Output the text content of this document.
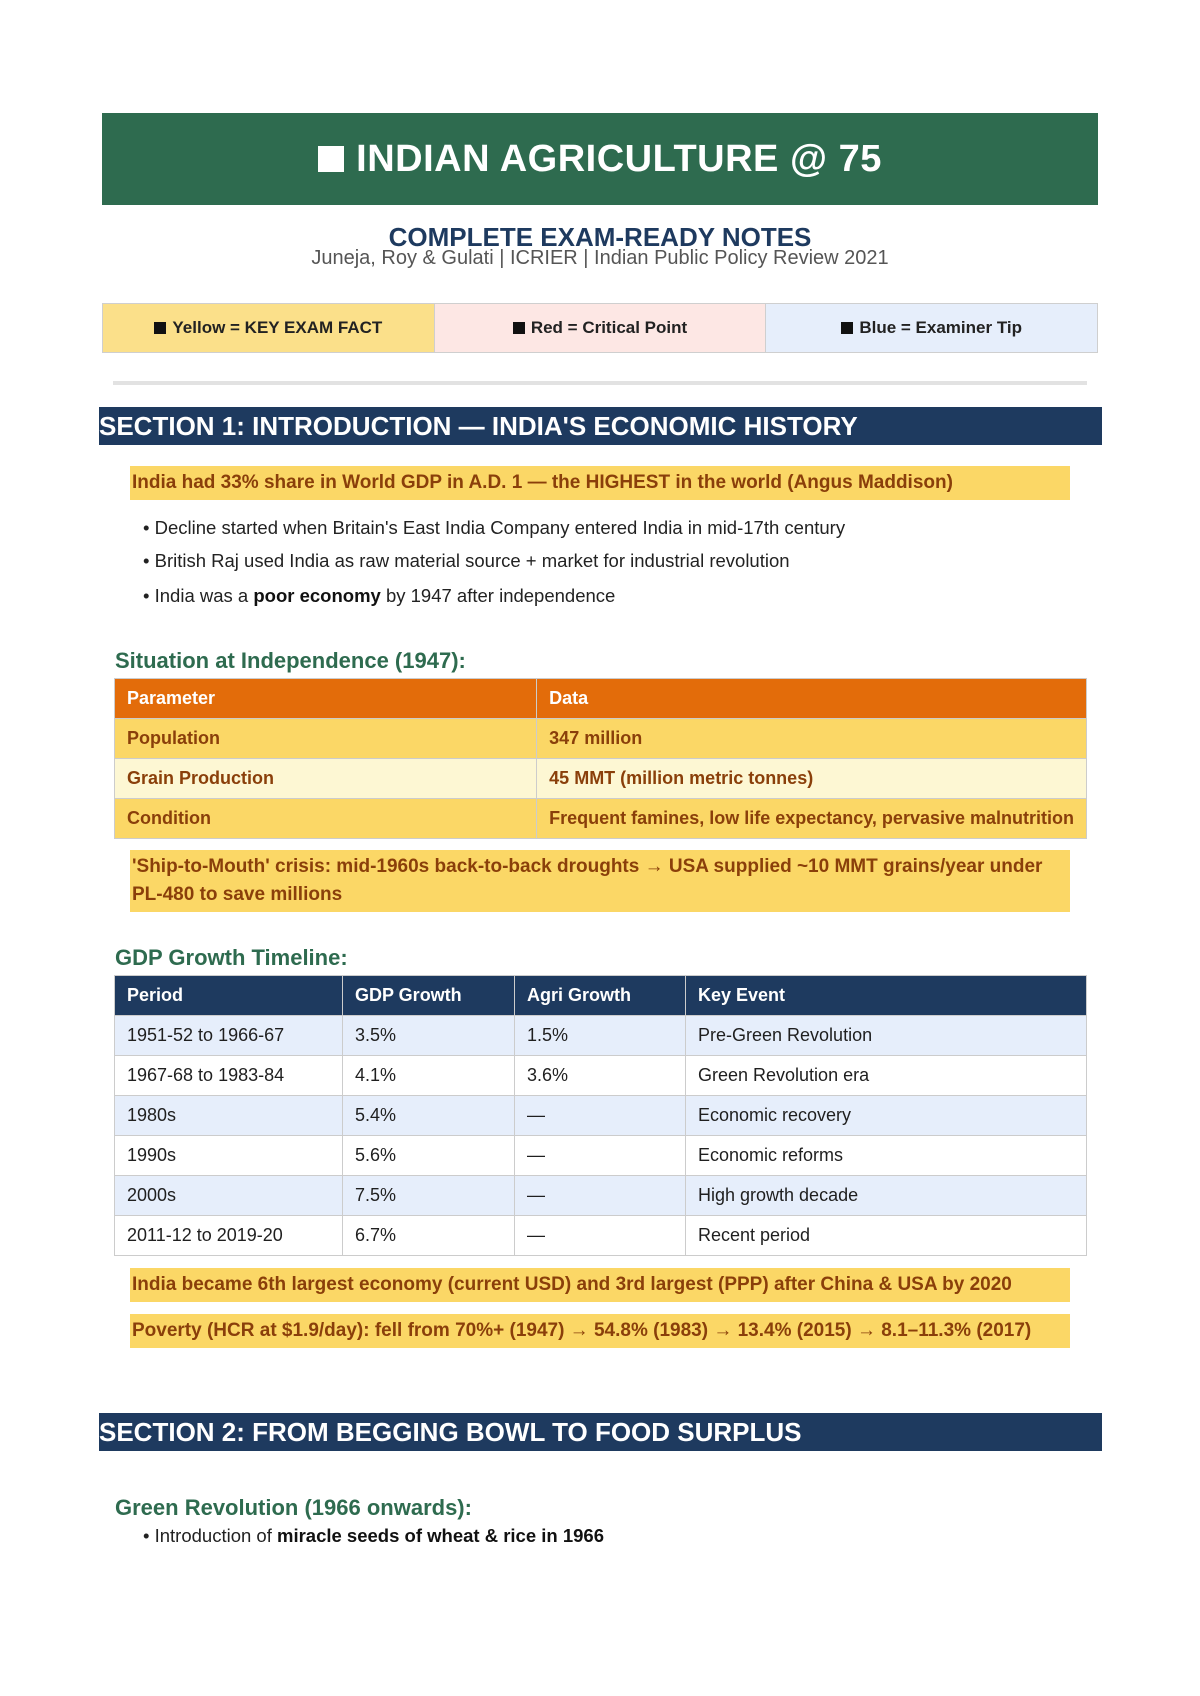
INDIAN AGRICULTURE @ 75
COMPLETE EXAM-READY NOTES
Juneja, Roy & Gulati | ICRIER | Indian Public Policy Review 2021
Yellow = KEY EXAM FACT	Red = Critical Point	Blue = Examiner Tip
SECTION 1: INTRODUCTION — INDIA'S ECONOMIC HISTORY
India had 33% share in World GDP in A.D. 1 — the HIGHEST in the world (Angus Maddison)
• Decline started when Britain's East India Company entered India in mid-17th century
• British Raj used India as raw material source + market for industrial revolution
• India was a poor economy by 1947 after independence
Situation at Independence (1947):
Parameter	Data
Population	347 million
Grain Production	45 MMT (million metric tonnes)
Condition	Frequent famines, low life expectancy, pervasive malnutrition
'Ship-to-Mouth' crisis: mid-1960s back-to-back droughts → USA supplied ~10 MMT grains/year under PL-480 to save millions
GDP Growth Timeline:
Period	GDP Growth	Agri Growth	Key Event
1951-52 to 1966-67	3.5%	1.5%	Pre-Green Revolution
1967-68 to 1983-84	4.1%	3.6%	Green Revolution era
1980s	5.4%	—	Economic recovery
1990s	5.6%	—	Economic reforms
2000s	7.5%	—	High growth decade
2011-12 to 2019-20	6.7%	—	Recent period
India became 6th largest economy (current USD) and 3rd largest (PPP) after China & USA by 2020
Poverty (HCR at $1.9/day): fell from 70%+ (1947) → 54.8% (1983) → 13.4% (2015) → 8.1–11.3% (2017)
SECTION 2: FROM BEGGING BOWL TO FOOD SURPLUS
Green Revolution (1966 onwards):
• Introduction of miracle seeds of wheat & rice in 1966
